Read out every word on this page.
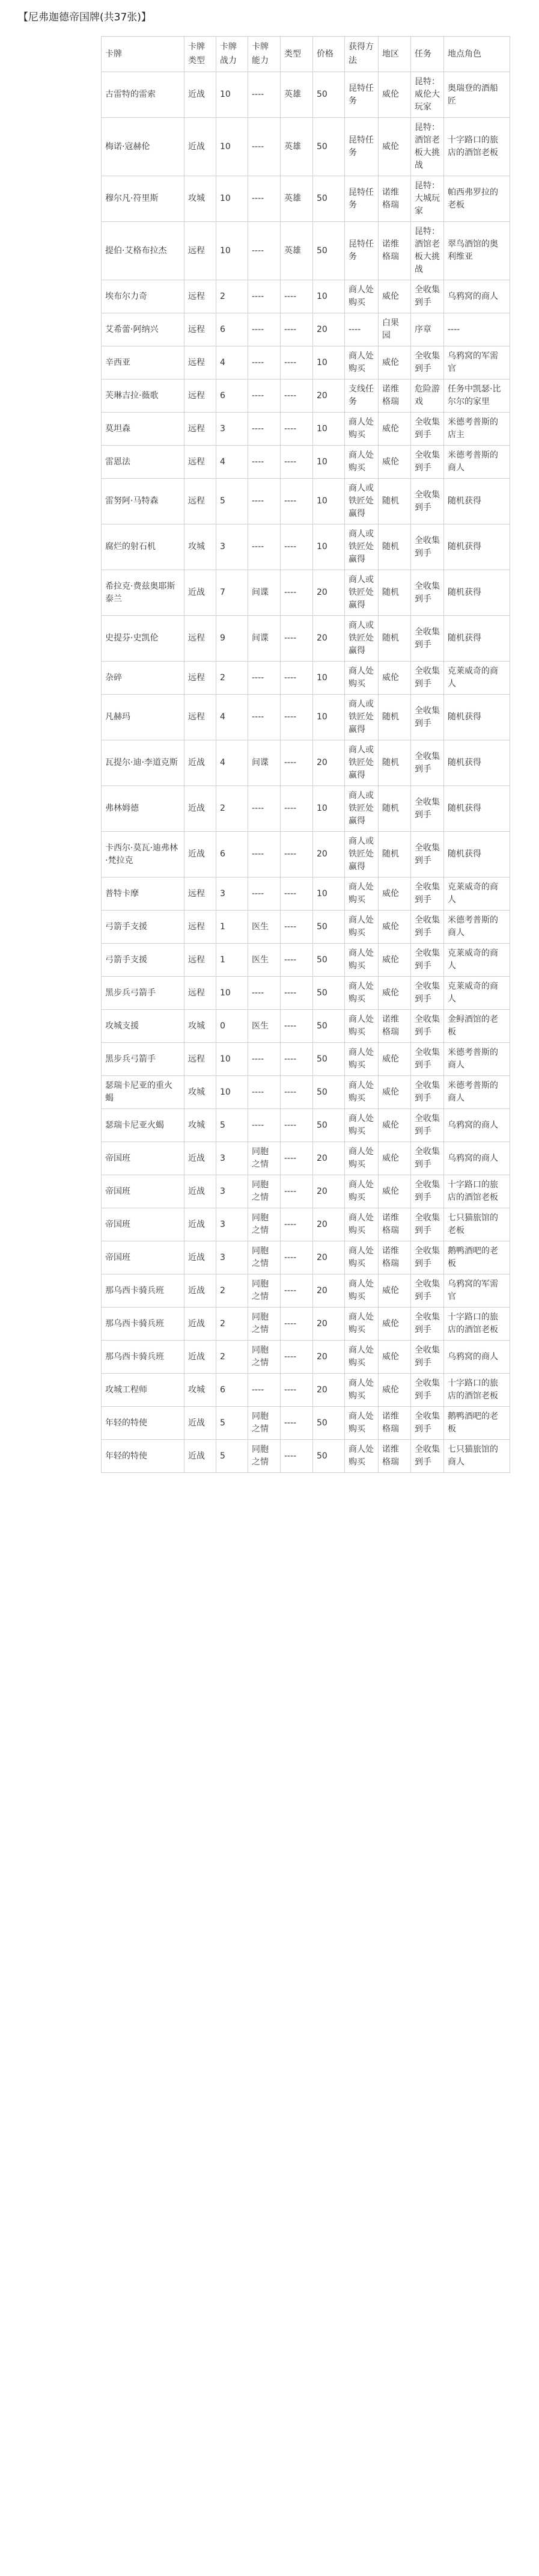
【尼弗迦德帝国牌(共37张)】
卡牌	卡牌类型	卡牌战力	卡牌能力	类型	价格	获得方法	地区	任务	地点角色
古雷特的雷索	近战	10	----	英雄	50	昆特任务	威伦	昆特：威伦大玩家	奥瑞登的酒船匠
梅诺·寇赫伦	近战	10	----	英雄	50	昆特任务	威伦	昆特：酒馆老板大挑战	十字路口的旅店的酒馆老板
穆尔凡·符里斯	攻城	10	----	英雄	50	昆特任务	诺维格瑞	昆特：大城玩家	帕西弗罗拉的老板
提伯·艾格布拉杰	远程	10	----	英雄	50	昆特任务	诺维格瑞	昆特：酒馆老板大挑战	翠鸟酒馆的奥利维亚
埃布尔力奇	远程	2	----	----	10	商人处购买	威伦	全收集到手	乌鸦窝的商人
艾希蕾·阿纳兴	远程	6	----	----	20	----	白果园	序章	----
辛西亚	远程	4	----	----	10	商人处购买	威伦	全收集到手	乌鸦窝的军需官
芙琳吉拉·薇歌	远程	6	----	----	20	支线任务	诺维格瑞	危险游戏	任务中凯瑟·比尔尔的家里
莫坦森	远程	3	----	----	10	商人处购买	威伦	全收集到手	米德考普斯的店主
雷恩法	远程	4	----	----	10	商人处购买	威伦	全收集到手	米德考普斯的商人
雷努阿·马特森	远程	5	----	----	10	商人或铁匠处赢得	随机	全收集到手	随机获得
腐烂的射石机	攻城	3	----	----	10	商人或铁匠处赢得	随机	全收集到手	随机获得
希拉克·费兹奥耶斯泰兰	近战	7	间谍	----	20	商人或铁匠处赢得	随机	全收集到手	随机获得
史提芬·史凯伦	远程	9	间谍	----	20	商人或铁匠处赢得	随机	全收集到手	随机获得
杂碎	远程	2	----	----	10	商人处购买	威伦	全收集到手	克莱威奇的商人
凡赫玛	远程	4	----	----	10	商人或铁匠处赢得	随机	全收集到手	随机获得
瓦提尔·迪·李道克斯	近战	4	间谍	----	20	商人或铁匠处赢得	随机	全收集到手	随机获得
弗林姆德	近战	2	----	----	10	商人或铁匠处赢得	随机	全收集到手	随机获得
卡西尔·莫瓦·迪弗林·梵拉克	近战	6	----	----	20	商人或铁匠处赢得	随机	全收集到手	随机获得
普特卡摩	远程	3	----	----	10	商人处购买	威伦	全收集到手	克莱威奇的商人
弓箭手支援	远程	1	医生	----	50	商人处购买	威伦	全收集到手	米德考普斯的商人
弓箭手支援	远程	1	医生	----	50	商人处购买	威伦	全收集到手	克莱威奇的商人
黑步兵弓箭手	远程	10	----	----	50	商人处购买	威伦	全收集到手	克莱威奇的商人
攻城支援	攻城	0	医生	----	50	商人处购买	诺维格瑞	全收集到手	金鲟酒馆的老板
黑步兵弓箭手	远程	10	----	----	50	商人处购买	威伦	全收集到手	米德考普斯的商人
瑟瑞卡尼亚的重火蝎	攻城	10	----	----	50	商人处购买	威伦	全收集到手	米德考普斯的商人
瑟瑞卡尼亚火蝎	攻城	5	----	----	50	商人处购买	威伦	全收集到手	乌鸦窝的商人
帝国班	近战	3	同胞之情	----	20	商人处购买	威伦	全收集到手	乌鸦窝的商人
帝国班	近战	3	同胞之情	----	20	商人处购买	威伦	全收集到手	十字路口的旅店的酒馆老板
帝国班	近战	3	同胞之情	----	20	商人处购买	诺维格瑞	全收集到手	七只猫旅馆的老板
帝国班	近战	3	同胞之情	----	20	商人处购买	诺维格瑞	全收集到手	鹅鸭酒吧的老板
那乌西卡骑兵班	近战	2	同胞之情	----	20	商人处购买	威伦	全收集到手	乌鸦窝的军需官
那乌西卡骑兵班	近战	2	同胞之情	----	20	商人处购买	威伦	全收集到手	十字路口的旅店的酒馆老板
那乌西卡骑兵班	近战	2	同胞之情	----	20	商人处购买	威伦	全收集到手	乌鸦窝的商人
攻城工程师	攻城	6	----	----	20	商人处购买	威伦	全收集到手	十字路口的旅店的酒馆老板
年轻的特使	近战	5	同胞之情	----	50	商人处购买	诺维格瑞	全收集到手	鹅鸭酒吧的老板
年轻的特使	近战	5	同胞之情	----	50	商人处购买	诺维格瑞	全收集到手	七只猫旅馆的商人
